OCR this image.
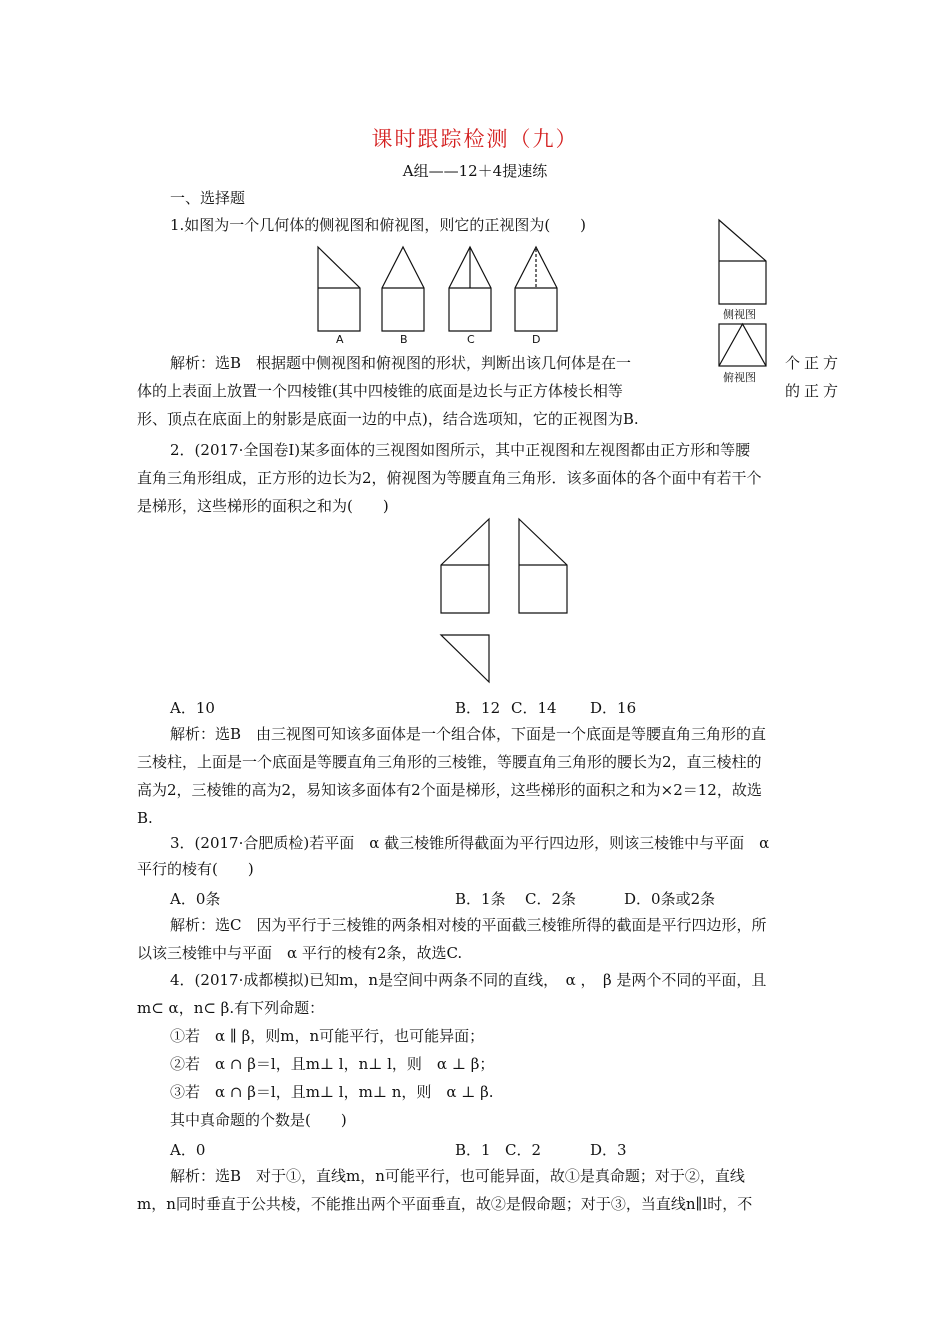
课时跟踪检测（九）
A组——12＋4提速练
一、选择题
1.如图为一个几何体的侧视图和俯视图，则它的正视图为(　　)
A	B	C	D
侧视图
俯视图
解析：选B　根据题中侧视图和俯视图的形状，判断出该几何体是在一	个正方
体的上表面上放置一个四棱锥(其中四棱锥的底面是边长与正方体棱长相等	的正方
形、顶点在底面上的射影是底面一边的中点)，结合选项知，它的正视图为B.
2．(2017·全国卷Ⅰ)某多面体的三视图如图所示，其中正视图和左视图都由正方形和等腰
直角三角形组成，正方形的边长为2，俯视图为等腰直角三角形．该多面体的各个面中有若干个
是梯形，这些梯形的面积之和为(　　)
A．10	B．12 C．14 D．16
解析：选B　由三视图可知该多面体是一个组合体，下面是一个底面是等腰直角三角形的直
三棱柱，上面是一个底面是等腰直角三角形的三棱锥，等腰直角三角形的腰长为2，直三棱柱的
高为2，三棱锥的高为2，易知该多面体有2个面是梯形，这些梯形的面积之和为×2＝12，故选
B.
3．(2017·合肥质检)若平面　α 截三棱锥所得截面为平行四边形，则该三棱锥中与平面　α
平行的棱有(　　)
A．0条	B．1条 C．2条	D．0条或2条
解析：选C　因为平行于三棱锥的两条相对棱的平面截三棱锥所得的截面是平行四边形，所
以该三棱锥中与平面　α 平行的棱有2条，故选C.
4．(2017·成都模拟)已知m，n是空间中两条不同的直线，　α ，　β 是两个不同的平面，且
m⊂ α，n⊂ β.有下列命题：
①若　α ∥ β，则m，n可能平行，也可能异面；
②若　α ∩ β＝l，且m⊥ l，n⊥ l，则　α ⊥ β；
③若　α ∩ β＝l，且m⊥ l，m⊥ n，则　α ⊥ β.
其中真命题的个数是(　　)
A．0	B．1 C．2	D．3
解析：选B　对于①，直线m，n可能平行，也可能异面，故①是真命题；对于②，直线
m，n同时垂直于公共棱，不能推出两个平面垂直，故②是假命题；对于③，当直线n∥l时，不
